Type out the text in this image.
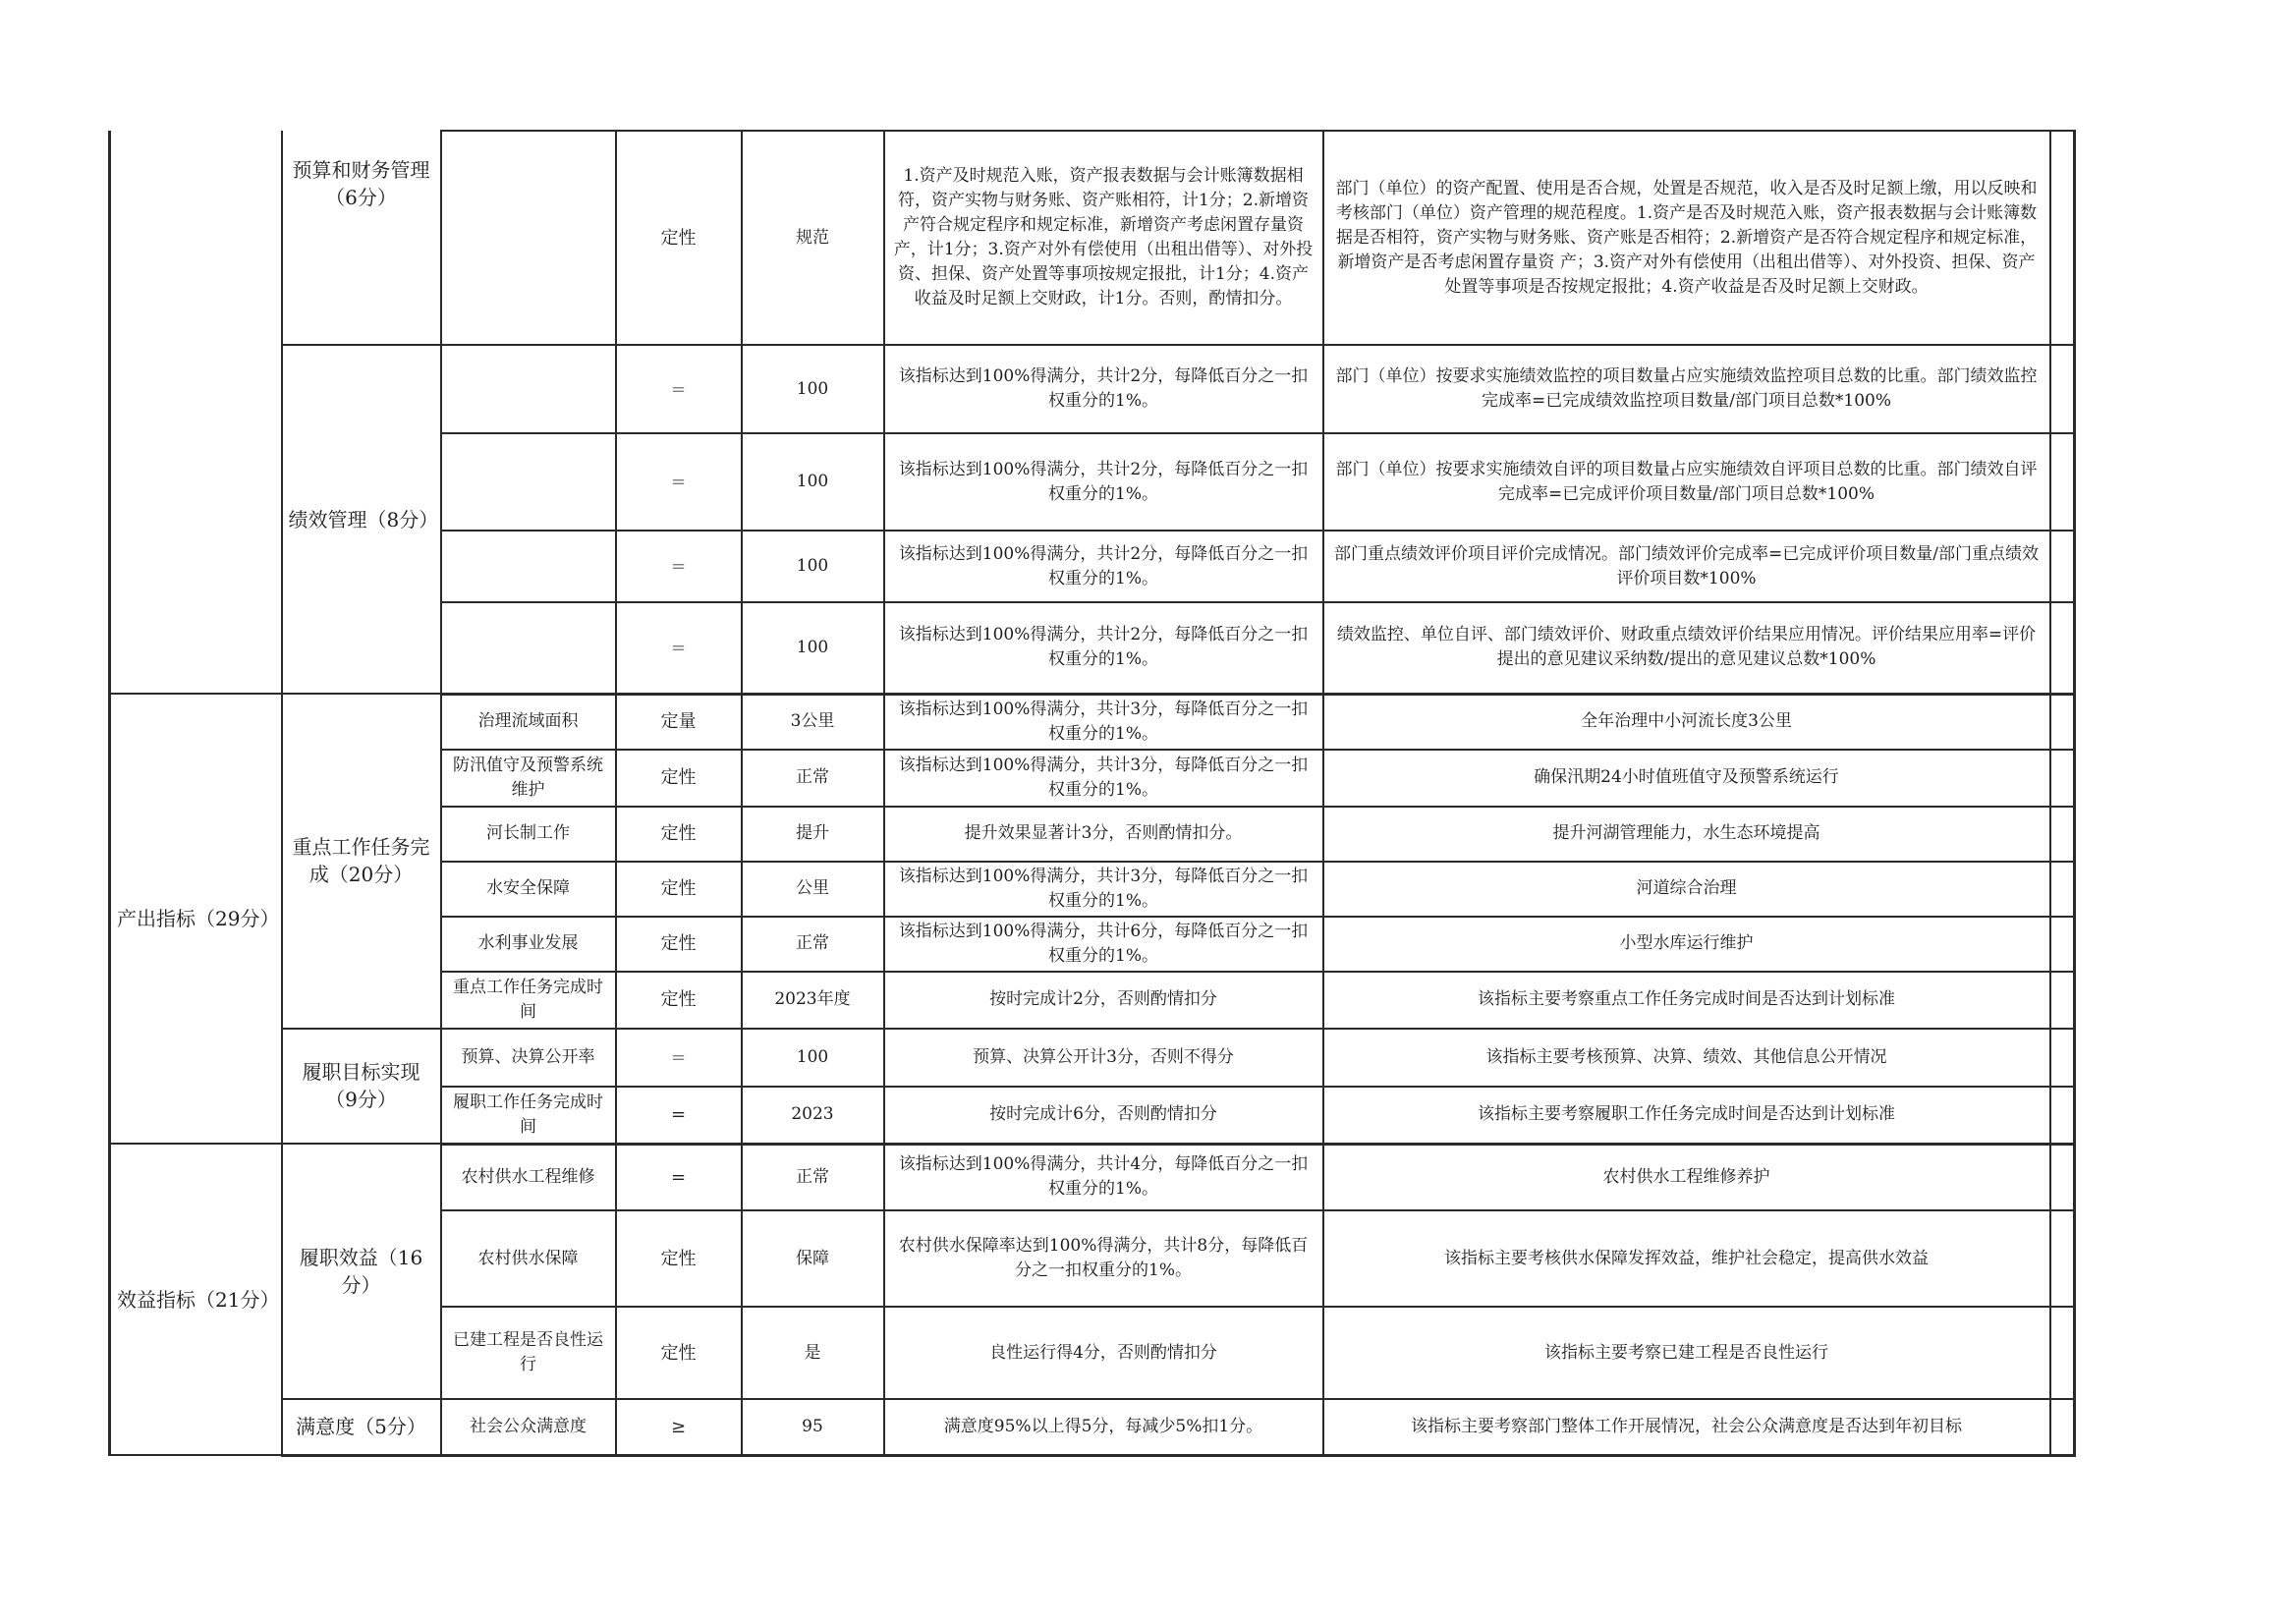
	预算和财务管理（6分）		定性	规范	1.资产及时规范入账，资产报表数据与会计账簿数据相符，资产实物与财务账、资产账相符，计1分；2.新增资产符合规定程序和规定标准，新增资产考虑闲置存量资产，计1分；3.资产对外有偿使用（出租出借等）、对外投资、担保、资产处置等事项按规定报批，计1分；4.资产收益及时足额上交财政，计1分。否则，酌情扣分。	部门（单位）的资产配置、使用是否合规，处置是否规范，收入是否及时足额上缴，用以反映和考核部门（单位）资产管理的规范程度。1.资产是否及时规范入账，资产报表数据与会计账簿数据是否相符，资产实物与财务账、资产账是否相符；2.新增资产是否符合规定程序和规定标准，新增资产是否考虑闲置存量资 产；3.资产对外有偿使用（出租出借等）、对外投资、担保、资产处置等事项是否按规定报批；4.资产收益是否及时足额上交财政。	
	绩效管理（8分）		=	100	该指标达到100%得满分，共计2分，每降低百分之一扣权重分的1%。	部门（单位）按要求实施绩效监控的项目数量占应实施绩效监控项目总数的比重。部门绩效监控完成率=已完成绩效监控项目数量/部门项目总数*100%	
			=	100	该指标达到100%得满分，共计2分，每降低百分之一扣权重分的1%。	部门（单位）按要求实施绩效自评的项目数量占应实施绩效自评项目总数的比重。部门绩效自评完成率=已完成评价项目数量/部门项目总数*100%	
			=	100	该指标达到100%得满分，共计2分，每降低百分之一扣权重分的1%。	部门重点绩效评价项目评价完成情况。部门绩效评价完成率=已完成评价项目数量/部门重点绩效评价项目数*100%	
			=	100	该指标达到100%得满分，共计2分，每降低百分之一扣权重分的1%。	绩效监控、单位自评、部门绩效评价、财政重点绩效评价结果应用情况。评价结果应用率=评价提出的意见建议采纳数/提出的意见建议总数*100%	
产出指标（29分）	重点工作任务完成（20分）	治理流域面积	定量	3公里	该指标达到100%得满分，共计3分，每降低百分之一扣权重分的1%。	全年治理中小河流长度3公里	
		防汛值守及预警系统维护	定性	正常	该指标达到100%得满分，共计3分，每降低百分之一扣权重分的1%。	确保汛期24小时值班值守及预警系统运行	
		河长制工作	定性	提升	提升效果显著计3分，否则酌情扣分。	提升河湖管理能力，水生态环境提高	
		水安全保障	定性	公里	该指标达到100%得满分，共计3分，每降低百分之一扣权重分的1%。	河道综合治理	
		水利事业发展	定性	正常	该指标达到100%得满分，共计6分，每降低百分之一扣权重分的1%。	小型水库运行维护	
		重点工作任务完成时间	定性	2023年度	按时完成计2分，否则酌情扣分	该指标主要考察重点工作任务完成时间是否达到计划标准	
	履职目标实现（9分）	预算、决算公开率	=	100	预算、决算公开计3分，否则不得分	该指标主要考核预算、决算、绩效、其他信息公开情况	
		履职工作任务完成时间	=	2023	按时完成计6分，否则酌情扣分	该指标主要考察履职工作任务完成时间是否达到计划标准	
效益指标（21分）	履职效益（16分）	农村供水工程维修	=	正常	该指标达到100%得满分，共计4分，每降低百分之一扣权重分的1%。	农村供水工程维修养护	
		农村供水保障	定性	保障	农村供水保障率达到100%得满分，共计8分，每降低百分之一扣权重分的1%。	该指标主要考核供水保障发挥效益，维护社会稳定，提高供水效益	
		已建工程是否良性运行	定性	是	良性运行得4分，否则酌情扣分	该指标主要考察已建工程是否良性运行	
	满意度（5分）	社会公众满意度	≥	95	满意度95%以上得5分，每减少5%扣1分。	该指标主要考察部门整体工作开展情况，社会公众满意度是否达到年初目标	
